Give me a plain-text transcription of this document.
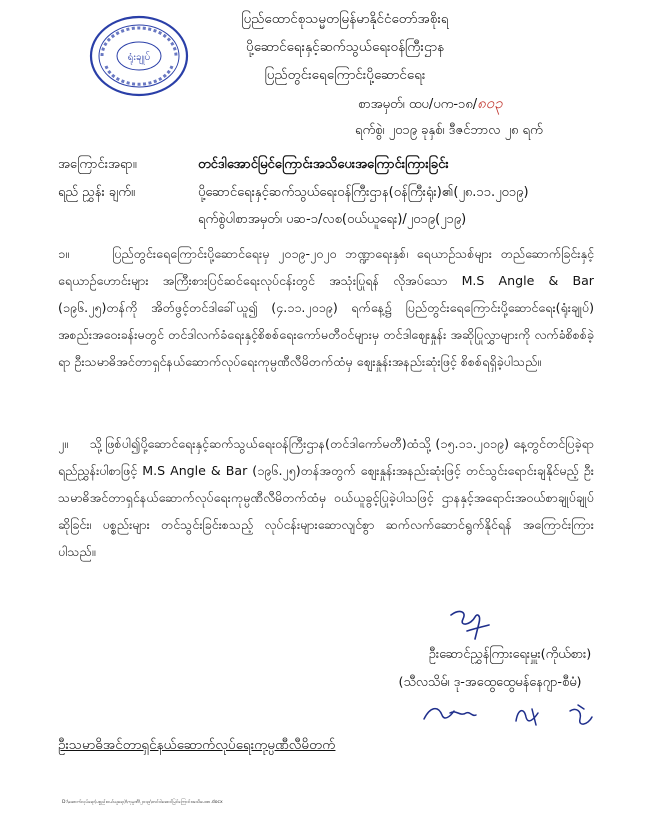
ရုံးချုပ်
ပြည်ထောင်စုသမ္မတမြန်မာနိုင်ငံတော်အစိုးရ
ပို့ဆောင်ရေးနှင့်ဆက်သွယ်ရေးဝန်ကြီးဌာန
ပြည်တွင်းရေကြောင်းပို့ဆောင်ရေး
စာအမှတ်၊ ထပ/ပက-၁၈/၈၀၃
ရက်စွဲ၊ ၂၀၁၉ ခုနှစ်၊ ဒီဇင်ဘာလ ၂၈ ရက်
အကြောင်းအရာ။	တင်ဒါအောင်မြင်ကြောင်းအသိပေးအကြောင်းကြားခြင်း
ရည် ညွှန်း ချက်။	ပို့ဆောင်ရေးနှင့်ဆက်သွယ်ရေးဝန်ကြီးဌာန(ဝန်ကြီးရုံး)၏(၂၈.၁၁.၂၀၁၉)
ရက်စွဲပါစာအမှတ်၊ ပဆ-၁/လစ(ဝယ်ယူရေး)/၂၀၁၉(၂၁၉)
၁။	ပြည်တွင်းရေကြောင်းပို့ဆောင်ရေးမှ ၂၀၁၉-၂၀၂၀ ဘဏ္ဍာရေးနှစ်၊ ရေယာဉ်သစ်များ တည်ဆောက်ခြင်းနှင့် ရေယာဉ်ဟောင်းများ အကြီးစားပြင်ဆင်ရေးလုပ်ငန်းတွင် အသုံးပြုရန် လိုအပ်သော M.S Angle & Bar (၁၉၆.၂၅)တန်ကို အိတ်ဖွင့်တင်ဒါခေါ်ယူ၍ (၄.၁၁.၂၀၁၉) ရက်နေ့၌ ပြည်တွင်းရေကြောင်းပို့ဆောင်ရေး(ရုံးချုပ်) အစည်းအဝေးခန်းမတွင် တင်ဒါလက်ခံရေးနှင့်စိစစ်ရေးကော်မတီဝင်များမှ တင်ဒါဈေးနှုန်း အဆိုပြုလွှာများကို လက်ခံစိစစ်ခဲ့ရာ ဦးသမာဓိအင်တာရှင်နယ်ဆောက်လုပ်ရေးကုမ္ပဏီလီမိတက်ထံမှ ဈေးနှုန်းအနည်းဆုံးဖြင့် စိစစ်ရရှိခဲ့ပါသည်။
၂။ သို့ဖြစ်ပါ၍ပို့ဆောင်ရေးနှင့်ဆက်သွယ်ရေးဝန်ကြီးဌာန(တင်ဒါကော်မတီ)ထံသို့ (၁၅.၁၁.၂၀၁၉) နေ့တွင်တင်ပြခဲ့ရာ ရည်ညွှန်းပါစာဖြင့် M.S Angle & Bar (၁၉၆.၂၅)တန်အတွက် ဈေးနှုန်းအနည်းဆုံးဖြင့် တင်သွင်းရောင်းချနိုင်မည့် ဦးသမာဓိအင်တာရှင်နယ်ဆောက်လုပ်ရေးကုမ္ပဏီလီမိတက်ထံမှ ဝယ်ယူခွင့်ပြုခဲ့ပါသဖြင့် ဌာနနှင့်အရောင်းအဝယ်စာချုပ်ချုပ်ဆိုခြင်း၊ ပစ္စည်းများ တင်သွင်းခြင်းစသည့် လုပ်ငန်းများဆောလျင်စွာ ဆက်လက်ဆောင်ရွက်နိုင်ရန် အကြောင်းကြားပါသည်။
ဦးဆောင်ညွှန်ကြားရေးမှူး(ကိုယ်စား)
(သီလသိမ်၊ ဒု-အထွေထွေမန်နေဂျာ-စီမံ)
ဦးသမာဓိအင်တာရှင်နယ်ဆောက်လုပ်ရေးကုမ္ပဏီလီမိတက်
D:\ဆောက်လုပ်ရေး(ပစ္စည်းဝယ်ယူရေး)\ကုမ္ပဏီ\၂၀၁၉\တင်ဒါအောင်မြင်ကြောင်းအသိပေးစာ.docx
